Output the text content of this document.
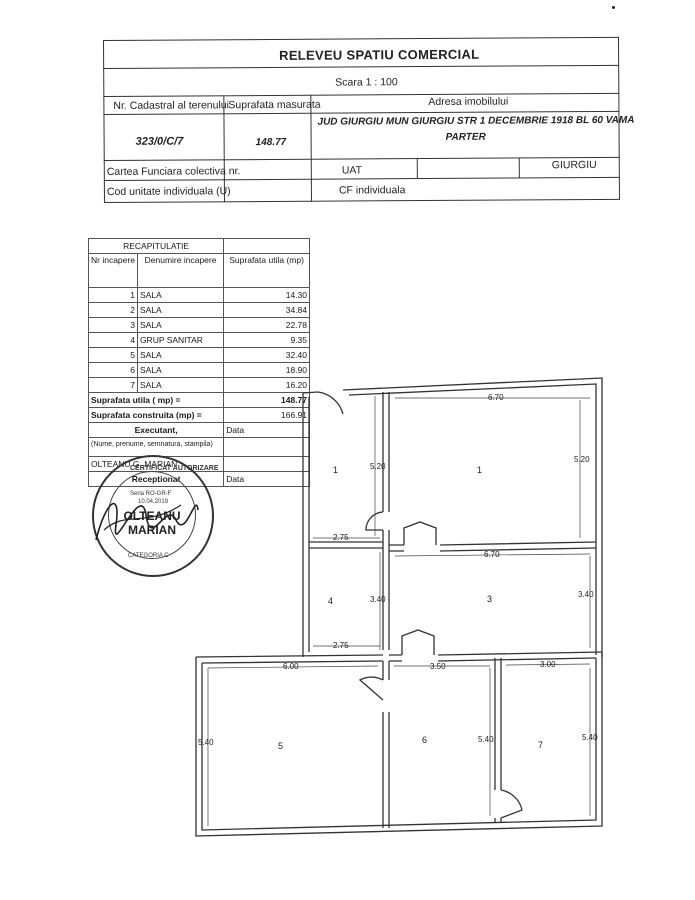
RELEVEU SPATIU COMERCIAL
Scara 1 : 100
Nr. Cadastral al terenului Suprafata masurata	Adresa imobilului
323/0/C/7	148.77
JUD GIURGIU MUN GIURGIU STR 1 DECEMBRIE 1918 BL 60 VAMA
PARTER
Cartea Funciara colectiva nr.	UAT	GIURGIU
Cod unitate individuala (U)	CF individuala
RECAPITULATIE		
Nr incapere	Denumire incapere	Suprafata utila (mp)
1	SALA	14.30
2	SALA	34.84
3	SALA	22.78
4	GRUP SANITAR	9.35
5	SALA	32.40
6	SALA	18.90
7	SALA	16.20
Suprafata utila ( mp) =		148.77
Suprafata construita (mp) =		166.91
Executant,		Data
(Nume, prenume, semnatura, stampila)		
OLTEANU G. MARIAN		
Receptionat		Data
CERTIFICAT AUTORIZARE
Seria RO-GR-F
10.04.2019
OLTEANU
MARIAN
CATEGORIA C
6.70
5.20
5.20
2.75
6.70
3.40
3.40
2.75
6.00	3.50	3.00
5.40	5.40	5.40
1	1
3
4
5
6	7
